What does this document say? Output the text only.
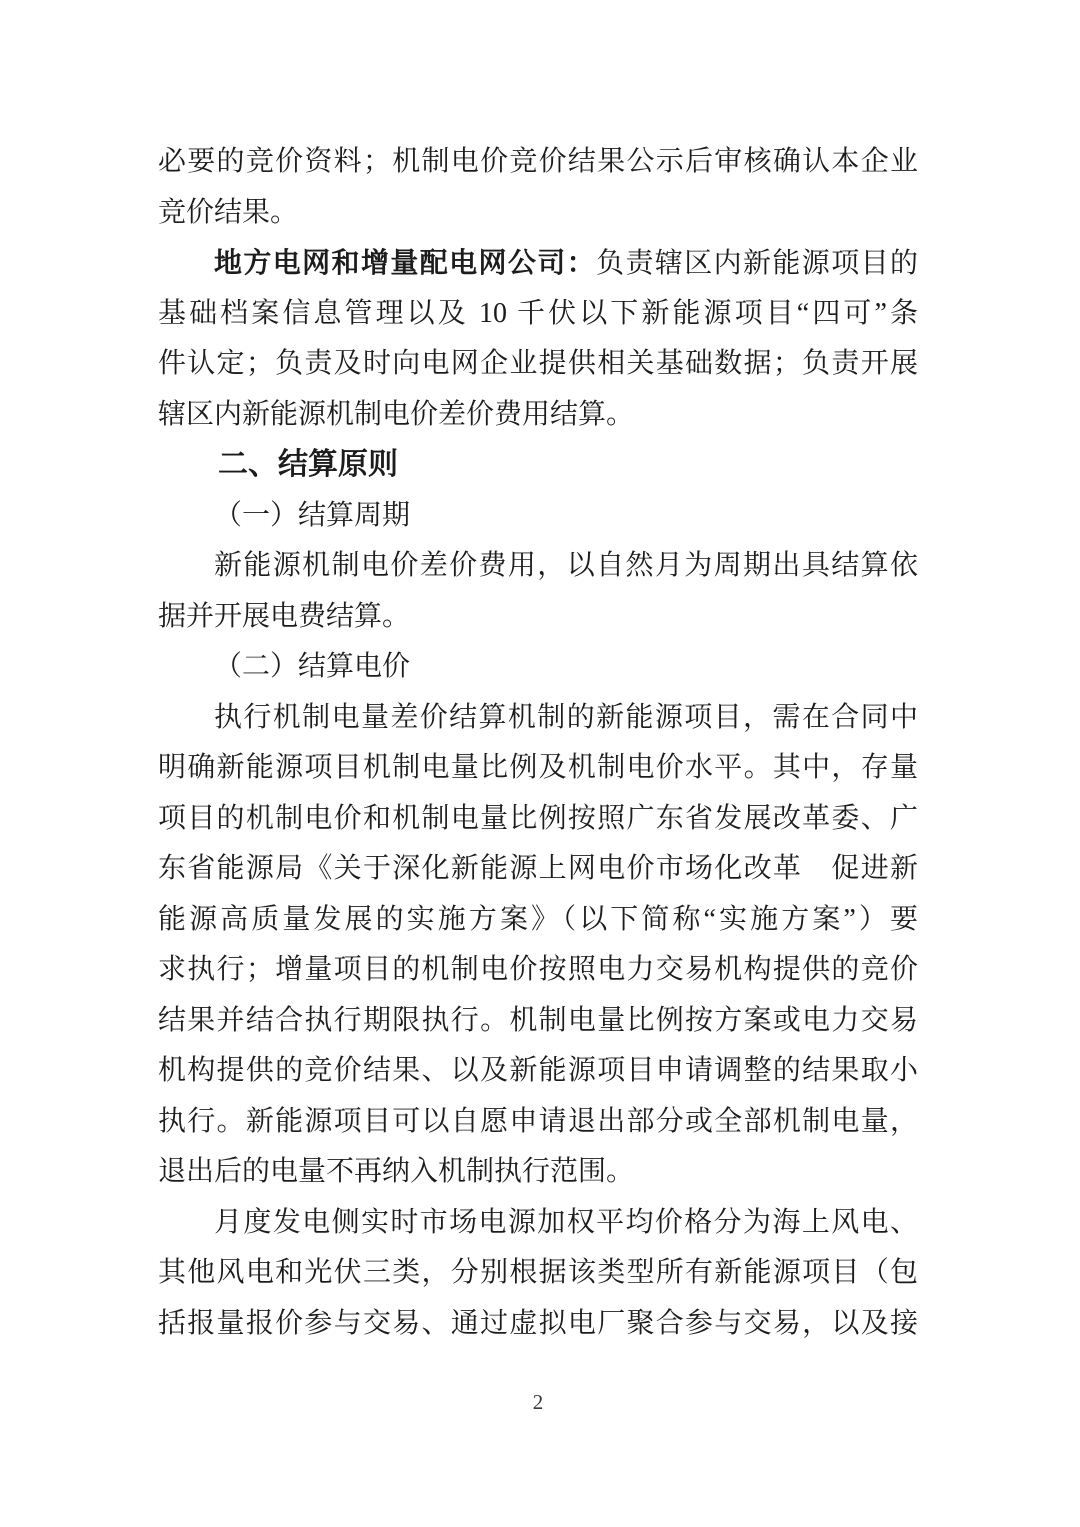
必要的竞价资料；机制电价竞价结果公示后审核确认本企业
竞价结果。
地方电网和增量配电网公司：负责辖区内新能源项目的
基础档案信息管理以及 10 千伏以下新能源项目“四可”条
件认定；负责及时向电网企业提供相关基础数据；负责开展
辖区内新能源机制电价差价费用结算。
二、结算原则
（一）结算周期
新能源机制电价差价费用，以自然月为周期出具结算依
据并开展电费结算。
（二）结算电价
执行机制电量差价结算机制的新能源项目，需在合同中
明确新能源项目机制电量比例及机制电价水平。其中，存量
项目的机制电价和机制电量比例按照广东省发展改革委、广
东省能源局《关于深化新能源上网电价市场化改革　促进新
能源高质量发展的实施方案》（以下简称“实施方案”）要
求执行；增量项目的机制电价按照电力交易机构提供的竞价
结果并结合执行期限执行。机制电量比例按方案或电力交易
机构提供的竞价结果、以及新能源项目申请调整的结果取小
执行。新能源项目可以自愿申请退出部分或全部机制电量，
退出后的电量不再纳入机制执行范围。
月度发电侧实时市场电源加权平均价格分为海上风电、
其他风电和光伏三类，分别根据该类型所有新能源项目（包
括报量报价参与交易、通过虚拟电厂聚合参与交易，以及接
2
